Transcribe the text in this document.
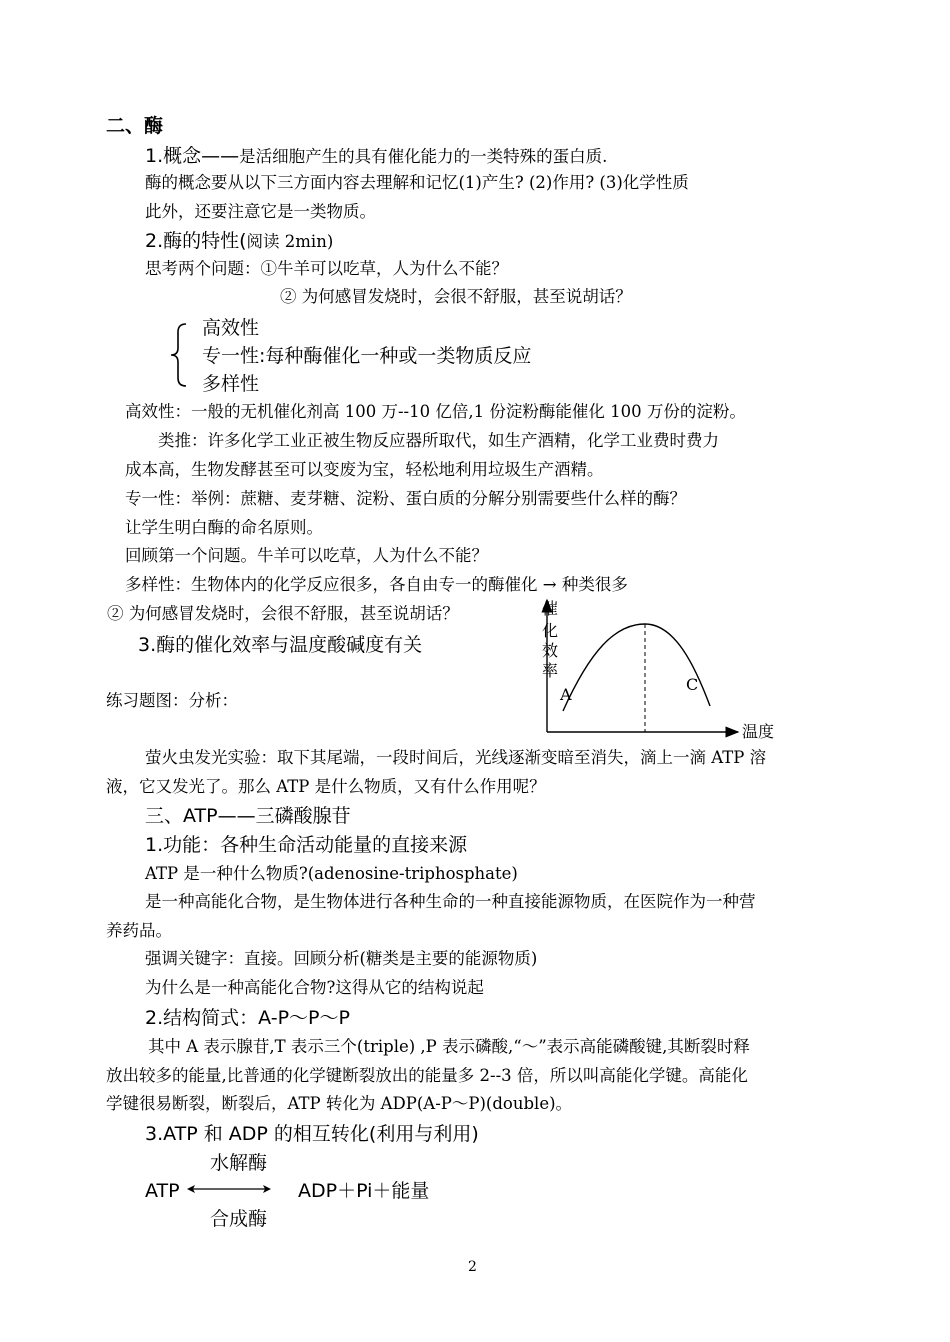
二、酶
1.概念——是活细胞产生的具有催化能力的一类特殊的蛋白质.
酶的概念要从以下三方面内容去理解和记忆(1)产生? (2)作用? (3)化学性质
此外，还要注意它是一类物质。
2.酶的特性(阅读 2min)
思考两个问题：①牛羊可以吃草，人为什么不能？
② 为何感冒发烧时，会很不舒服，甚至说胡话？
高效性
专一性:每种酶催化一种或一类物质反应
多样性
高效性：一般的无机催化剂高 100 万--10 亿倍,1 份淀粉酶能催化 100 万份的淀粉。
类推：许多化学工业正被生物反应器所取代，如生产酒精，化学工业费时费力
成本高，生物发酵甚至可以变废为宝，轻松地利用垃圾生产酒精。
专一性：举例：蔗糖、麦芽糖、淀粉、蛋白质的分解分别需要些什么样的酶？
让学生明白酶的命名原则。
回顾第一个问题。牛羊可以吃草，人为什么不能？
多样性：生物体内的化学反应很多，各自由专一的酶催化 → 种类很多
② 为何感冒发烧时，会很不舒服，甚至说胡话？
3.酶的催化效率与温度酸碱度有关
练习题图：分析：
催
化
效
率
A
C
温度
萤火虫发光实验：取下其尾端，一段时间后，光线逐渐变暗至消失，滴上一滴 ATP 溶
液，它又发光了。那么 ATP 是什么物质，又有什么作用呢？
三、ATP——三磷酸腺苷
1.功能：各种生命活动能量的直接来源
ATP 是一种什么物质?(adenosine-triphosphate)
是一种高能化合物，是生物体进行各种生命的一种直接能源物质，在医院作为一种营
养药品。
强调关键字：直接。回顾分析(糖类是主要的能源物质)
为什么是一种高能化合物?这得从它的结构说起
2.结构简式：A-P～P～P
其中 A 表示腺苷,T 表示三个(triple) ,P 表示磷酸,“～”表示高能磷酸键,其断裂时释
放出较多的能量,比普通的化学键断裂放出的能量多 2--3 倍，所以叫高能化学键。高能化
学键很易断裂，断裂后，ATP 转化为 ADP(A-P～P)(double)。
3.ATP 和 ADP 的相互转化(利用与利用)
水解酶
ATP	ADP＋Pi＋能量
合成酶
2
